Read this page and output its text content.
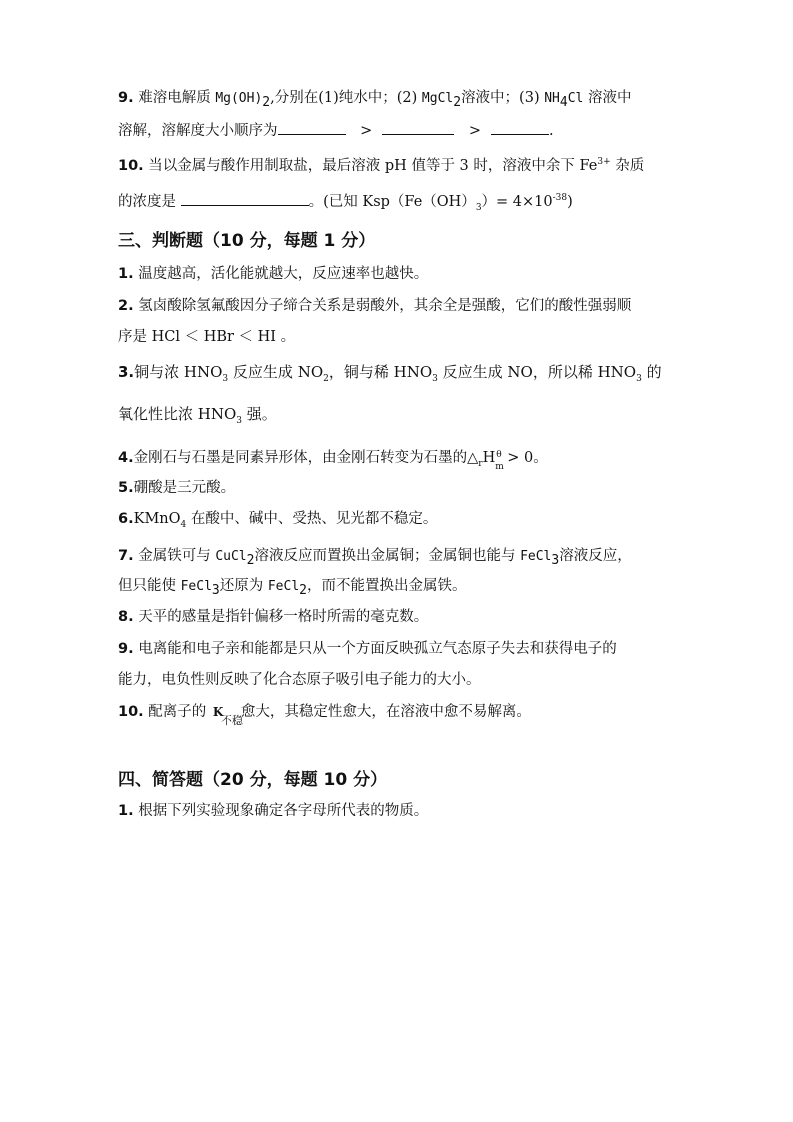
9. 难溶电解质 Mg(OH)2,分别在(1)纯水中；(2) MgCl2溶液中；(3) NH4Cl 溶液中
溶解，溶解度大小顺序为	>	>	.
10. 当以金属与酸作用制取盐，最后溶液 pH 值等于 3 时，溶液中余下 $Fe^{3+}$ 杂质
的浓度是	。(已知 $Ksp(Fe(OH)_3)= 4\times 10^{-38}$)
三、判断题（10 分，每题 1 分）
1. 温度越高，活化能就越大，反应速率也越快。
2. 氢卤酸除氢氟酸因分子缔合关系是弱酸外，其余全是强酸，它们的酸性强弱顺
序是 HCl ＜ HBr ＜ HI 。
3.铜与浓 $HNO_3$ 反应生成 $NO_2$，铜与稀 $HNO_3$ 反应生成 NO，所以稀 $HNO_3$ 的
氧化性比浓 $HNO_3$ 强。
4.金刚石与石墨是同素异形体，由金刚石转变为石墨的$\triangle_rH$ θ
m
> 0。
5.硼酸是三元酸。
6.KMnO$_4$ 在酸中、碱中、受热、见光都不稳定。
7. 金属铁可与 CuCl2溶液反应而置换出金属铜；金属铜也能与 FeCl3溶液反应，
但只能使 FeCl3还原为 FeCl2，而不能置换出金属铁。
8. 天平的感量是指针偏移一格时所需的毫克数。
9. 电离能和电子亲和能都是只从一个方面反映孤立气态原子失去和获得电子的
能力，电负性则反映了化合态原子吸引电子能力的大小。
10. 配离子的 K
不稳
愈大，其稳定性愈大，在溶液中愈不易解离。
四、简答题（20 分，每题 10 分）
1. 根据下列实验现象确定各字母所代表的物质。
